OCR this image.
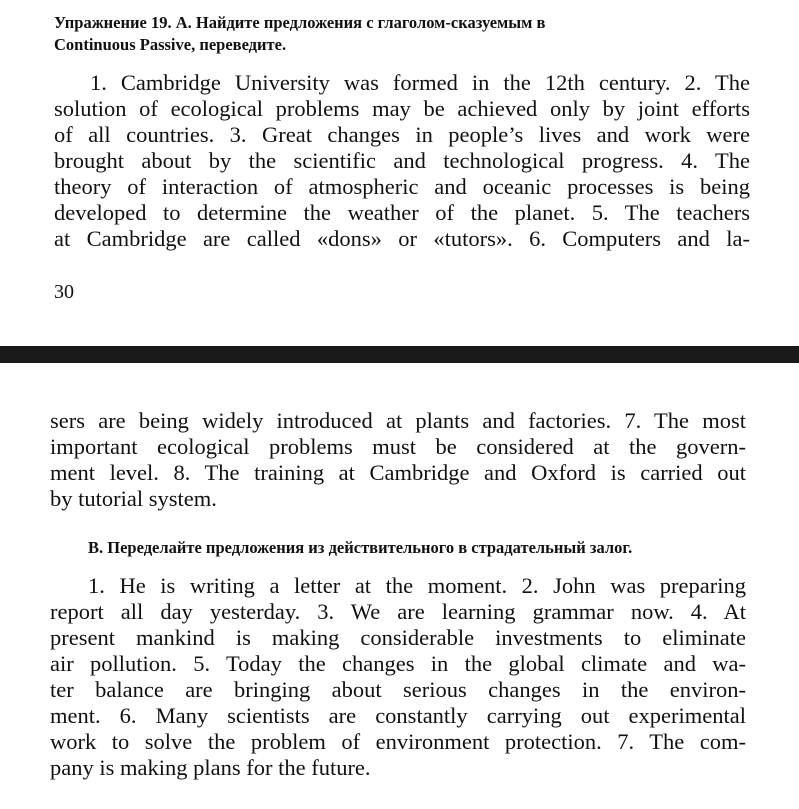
Упражнение 19. А. Найдите предложения с глаголом-сказуемым в
Continuous Passive, переведите.
1. Cambridge University was formed in the 12th century. 2. The
solution of ecological problems may be achieved only by joint efforts
of all countries. 3. Great changes in people’s lives and work were
brought about by the scientific and technological progress. 4. The
theory of interaction of atmospheric and oceanic processes is being
developed to determine the weather of the planet. 5. The teachers
at Cambridge are called «dons» or «tutors». 6. Computers and la-
30
sers are being widely introduced at plants and factories. 7. The most
important ecological problems must be considered at the govern-
ment level. 8. The training at Cambridge and Oxford is carried out
by tutorial system.
В. Переделайте предложения из действительного в страдательный залог.
1. He is writing a letter at the moment. 2. John was preparing
report all day yesterday. 3. We are learning grammar now. 4. At
present mankind is making considerable investments to eliminate
air pollution. 5. Today the changes in the global climate and wa-
ter balance are bringing about serious changes in the environ-
ment. 6. Many scientists are constantly carrying out experimental
work to solve the problem of environment protection. 7. The com-
pany is making plans for the future.
